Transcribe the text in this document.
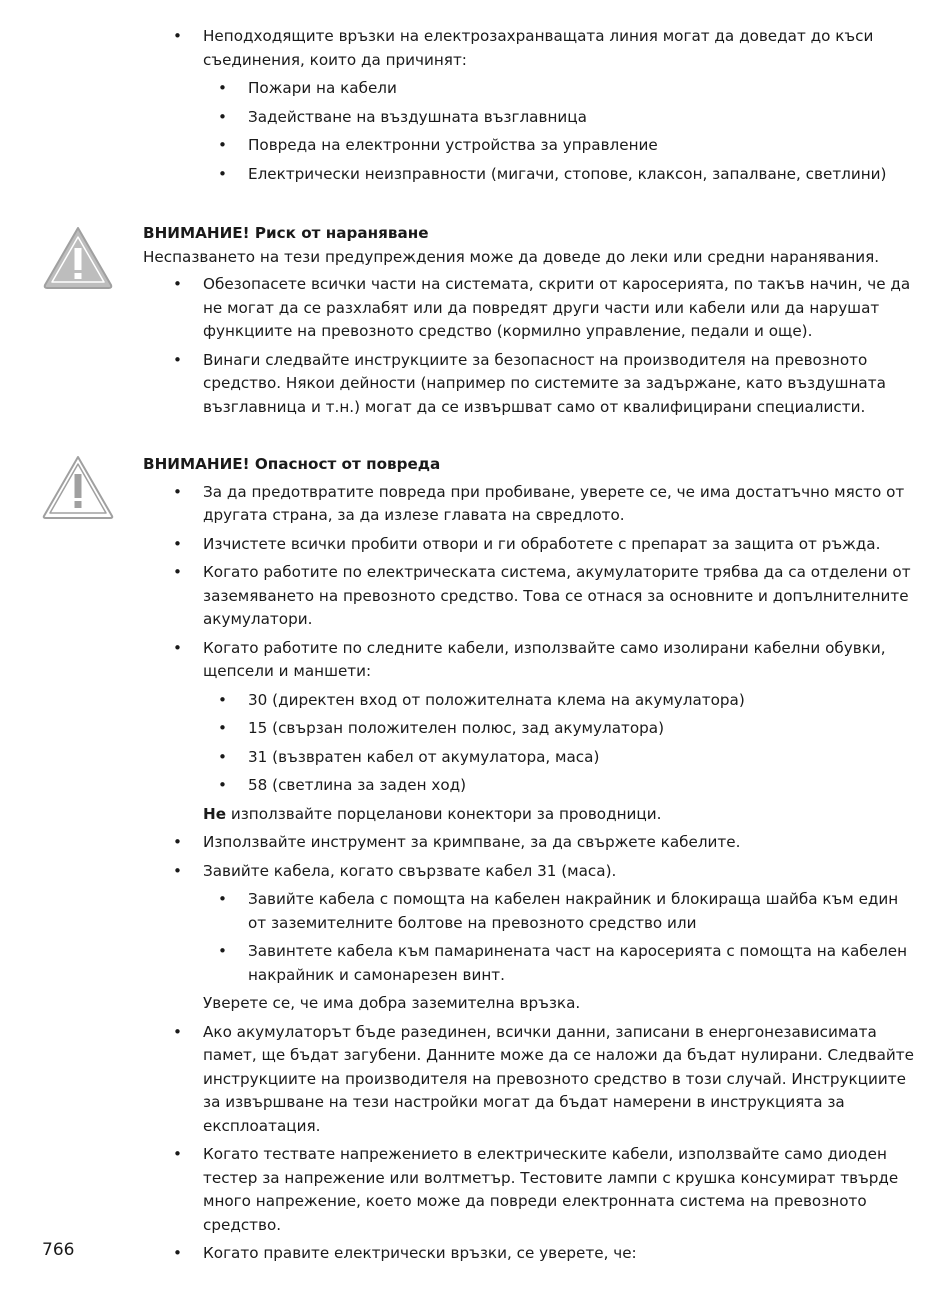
• Неподходящите връзки на електрозахранващата линия могат да доведат до къси съединения, които да причинят:
• Пожари на кабели
• Задействане на въздушната възглавница
• Повреда на електронни устройства за управление
• Електрически неизправности (мигачи, стопове, клаксон, запалване, светлини)
ВНИМАНИЕ! Риск от нараняване
Неспазването на тези предупреждения може да доведе до леки или средни наранявания.
• Обезопасете всички части на системата, скрити от каросерията, по такъв начин, че да не могат да се разхлабят или да повредят други части или кабели или да нарушат функциите на превозното средство (кормилно управление, педали и още).
• Винаги следвайте инструкциите за безопасност на производителя на превозното средство. Някои дейности (например по системите за задържане, като въздушната възглавница и т.н.) могат да се извършват само от квалифицирани специалисти.
ВНИМАНИЕ! Опасност от повреда
• За да предотвратите повреда при пробиване, уверете се, че има достатъчно място от другата страна, за да излезе главата на свредлото.
• Изчистете всички пробити отвори и ги обработете с препарат за защита от ръжда.
• Когато работите по електрическата система, акумулаторите трябва да са отделени от заземяването на превозното средство. Това се отнася за основните и допълнителните акумулатори.
• Когато работите по следните кабели, използвайте само изолирани кабелни обувки, щепсели и маншети:
• 30 (директен вход от положителната клема на акумулатора)
• 15 (свързан положителен полюс, зад акумулатора)
• 31 (възвратен кабел от акумулатора, маса)
• 58 (светлина за заден ход)
Не използвайте порцеланови конектори за проводници.
• Използвайте инструмент за кримпване, за да свържете кабелите.
• Завийте кабела, когато свързвате кабел 31 (маса).
• Завийте кабела с помощта на кабелен накрайник и блокираща шайба към един от заземителните болтове на превозното средство или
• Завинтете кабела към памаринената част на каросерията с помощта на кабелен накрайник и самонарезен винт.
Уверете се, че има добра заземителна връзка.
• Ако акумулаторът бъде разединен, всички данни, записани в енергонезависимата памет, ще бъдат загубени. Данните може да се наложи да бъдат нулирани. Следвайте инструкциите на производителя на превозното средство в този случай. Инструкциите за извършване на тези настройки могат да бъдат намерени в инструкцията за експлоатация.
• Когато тествате напрежението в електрическите кабели, използвайте само диоден тестер за напрежение или волтметър. Тестовите лампи с крушка консумират твърде много напрежение, което може да повреди електронната система на превозното средство.
• Когато правите електрически връзки, се уверете, че:
766
